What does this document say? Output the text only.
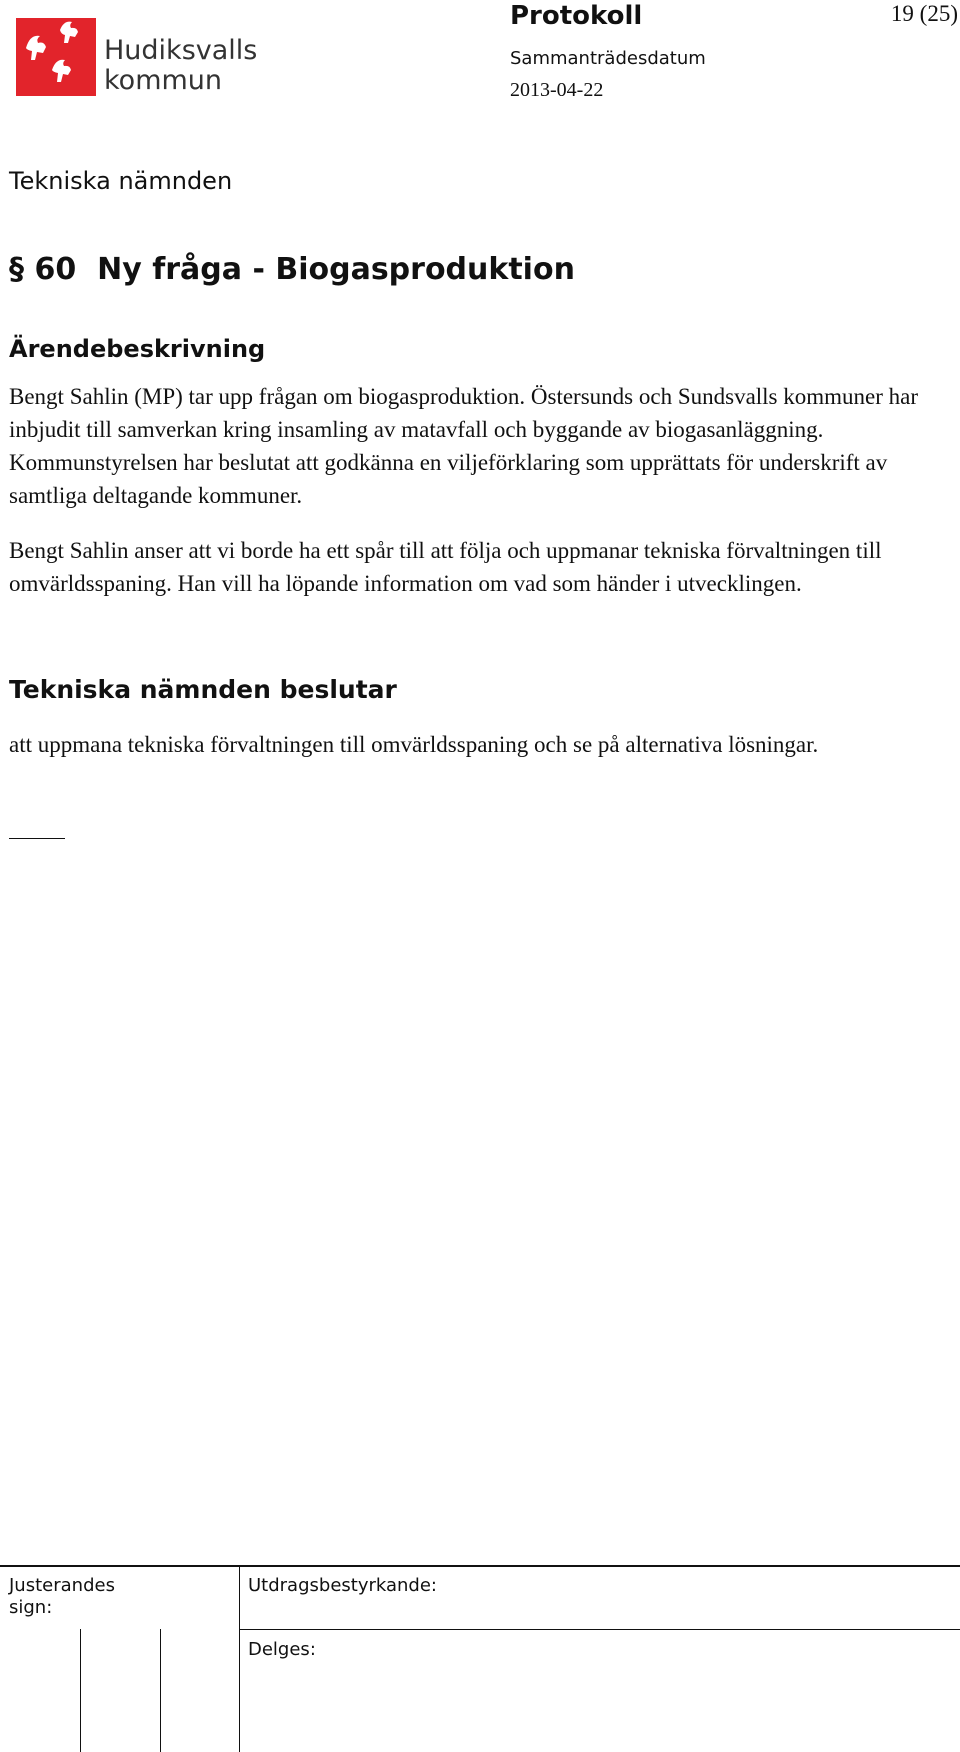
Hudiksvalls
kommun
Protokoll	19 (25)
Sammanträdesdatum
2013-04-22
Tekniska nämnden
§ 60  Ny fråga - Biogasproduktion
Ärendebeskrivning
Bengt Sahlin (MP) tar upp frågan om biogasproduktion. Östersunds och Sundsvalls kommuner har inbjudit till samverkan kring insamling av matavfall och byggande av biogasanläggning. Kommunstyrelsen har beslutat att godkänna en viljeförklaring som upprättats för underskrift av samtliga deltagande kommuner.
Bengt Sahlin anser att vi borde ha ett spår till att följa och uppmanar tekniska förvaltningen till omvärldsspaning. Han vill ha löpande information om vad som händer i utvecklingen.
Tekniska nämnden beslutar
att uppmana tekniska förvaltningen till omvärldsspaning och se på alternativa lösningar.
Justerandes sign:
Utdragsbestyrkande:
Delges:
